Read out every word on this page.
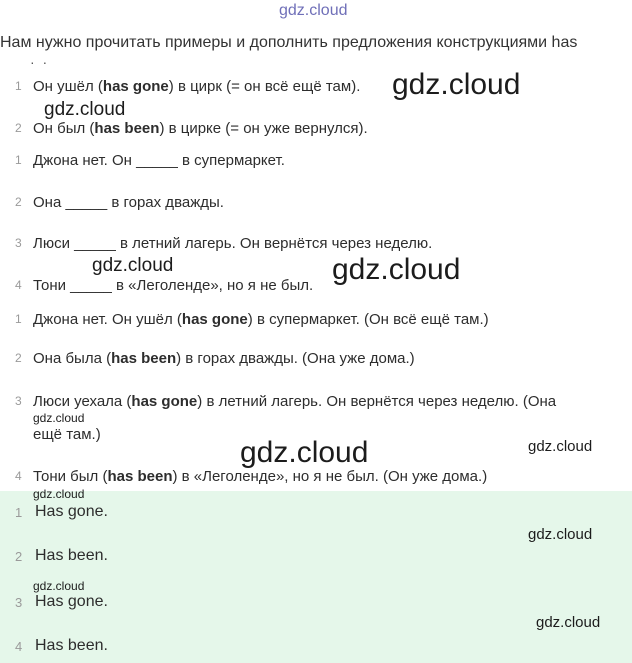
gdz.cloud
Нам нужно прочитать примеры и дополнить предложения конструкциями has
· ·
1 Он ушёл (has gone) в цирк (= он всё ещё там).
2 Он был (has been) в цирке (= он уже вернулся).
1 Джона нет. Он _____ в супермаркет.
2 Она _____ в горах дважды.
3 Люси _____ в летний лагерь. Он вернётся через неделю.
4 Тони _____ в «Леголенде», но я не был.
1 Джона нет. Он ушёл (has gone) в супермаркет. (Он всё ещё там.)
2 Она была (has been) в горах дважды. (Она уже дома.)
3 Люси уехала (has gone) в летний лагерь. Он вернётся через неделю. (Она
ещё там.)
4 Тони был (has been) в «Леголенде», но я не был. (Он уже дома.)
1 Has gone.
2 Has been.
3 Has gone.
4 Has been.
gdz.cloud
gdz.cloud
gdz.cloud	gdz.cloud
gdz.cloud
gdz.cloud	gdz.cloud
gdz.cloud
gdz.cloud
gdz.cloud
gdz.cloud
